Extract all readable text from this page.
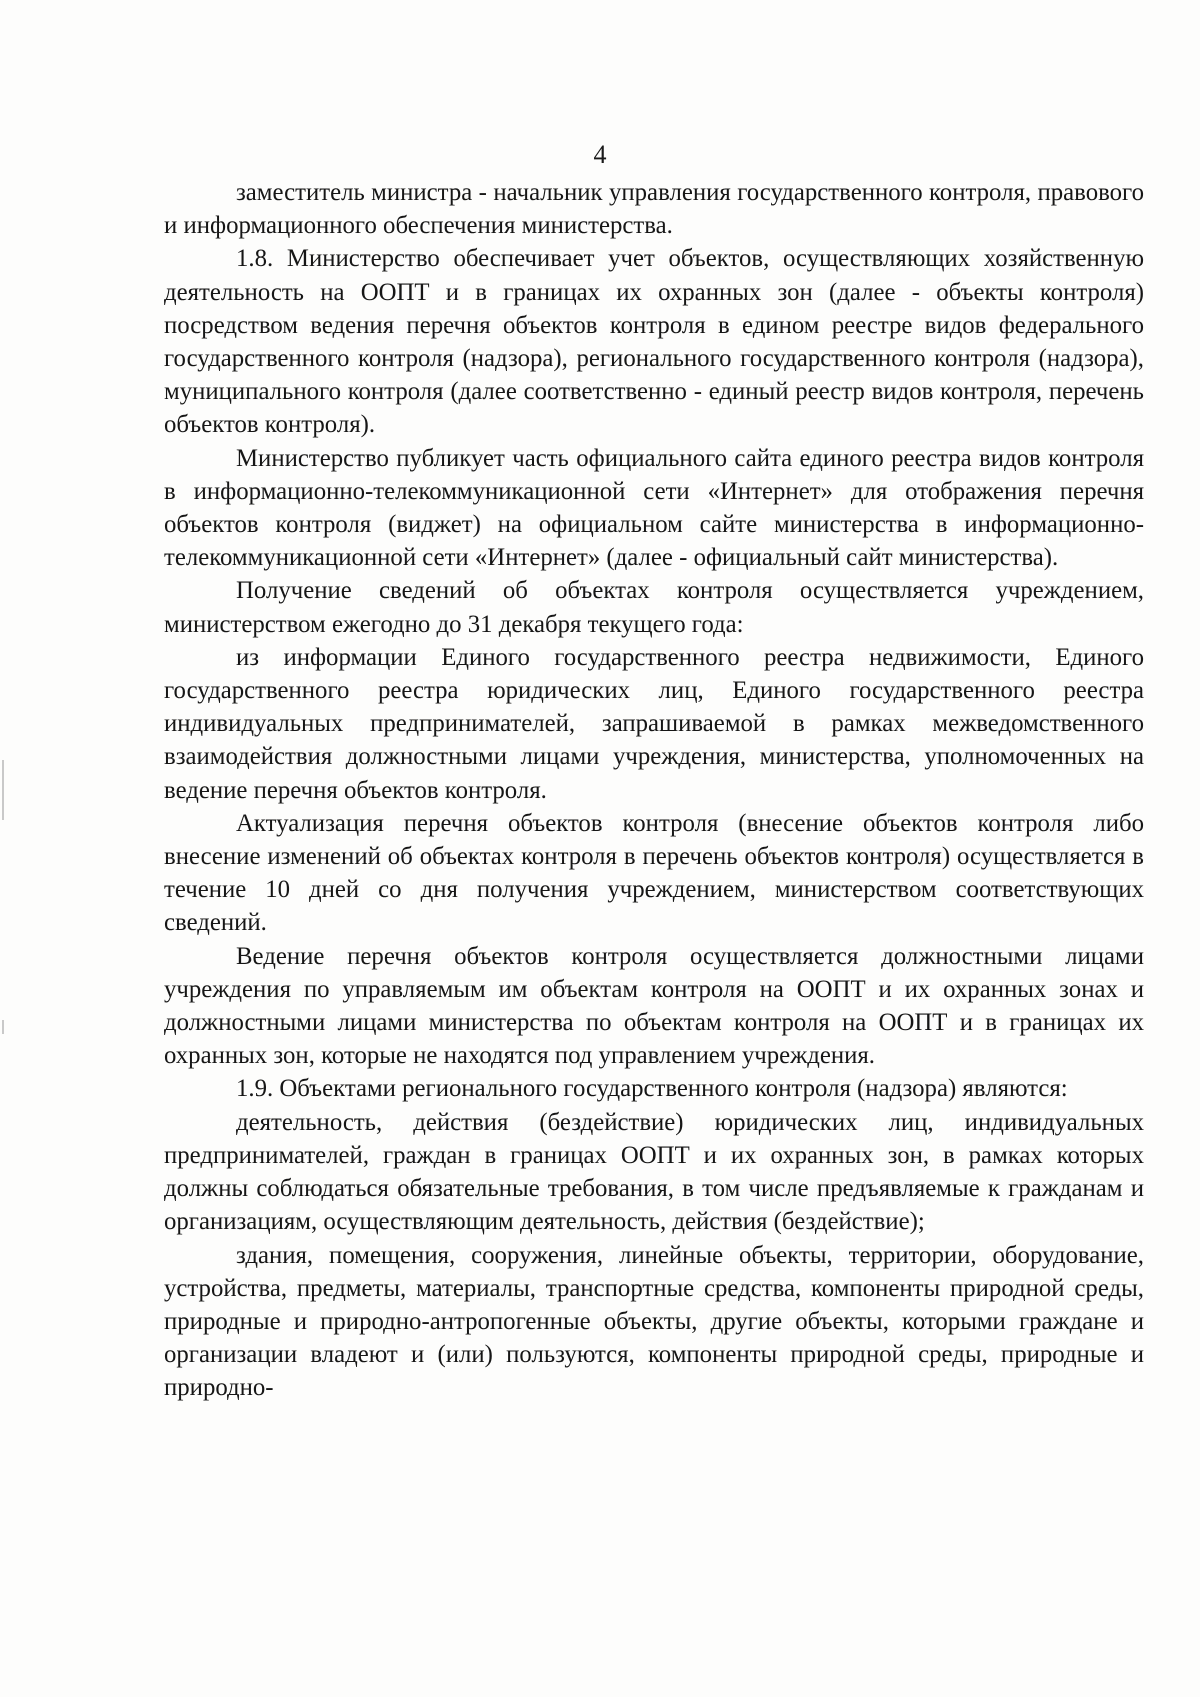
4

заместитель министра - начальник управления государственного контроля, правового и информационного обеспечения министерства.

1.8. Министерство обеспечивает учет объектов, осуществляющих хозяйственную деятельность на ООПТ и в границах их охранных зон (далее - объекты контроля) посредством ведения перечня объектов контроля в едином реестре видов федерального государственного контроля (надзора), регионального государственного контроля (надзора), муниципального контроля (далее соответственно - единый реестр видов контроля, перечень объектов контроля).

Министерство публикует часть официального сайта единого реестра видов контроля в информационно-телекоммуникационной сети «Интернет» для отображения перечня объектов контроля (виджет) на официальном сайте министерства в информационно-телекоммуникационной сети «Интернет» (далее - официальный сайт министерства).

Получение сведений об объектах контроля осуществляется учреждением, министерством ежегодно до 31 декабря текущего года:

из информации Единого государственного реестра недвижимости, Единого государственного реестра юридических лиц, Единого государственного реестра индивидуальных предпринимателей, запрашиваемой в рамках межведомственного взаимодействия должностными лицами учреждения, министерства, уполномоченных на ведение перечня объектов контроля.

Актуализация перечня объектов контроля (внесение объектов контроля либо внесение изменений об объектах контроля в перечень объектов контроля) осуществляется в течение 10 дней со дня получения учреждением, министерством соответствующих сведений.

Ведение перечня объектов контроля осуществляется должностными лицами учреждения по управляемым им объектам контроля на ООПТ и их охранных зонах и должностными лицами министерства по объектам контроля на ООПТ и в границах их охранных зон, которые не находятся под управлением учреждения.

1.9. Объектами регионального государственного контроля (надзора) являются:

деятельность, действия (бездействие) юридических лиц, индивидуальных предпринимателей, граждан в границах ООПТ и их охранных зон, в рамках которых должны соблюдаться обязательные требования, в том числе предъявляемые к гражданам и организациям, осуществляющим деятельность, действия (бездействие);

здания, помещения, сооружения, линейные объекты, территории, оборудование, устройства, предметы, материалы, транспортные средства, компоненты природной среды, природные и природно-антропогенные объекты, другие объекты, которыми граждане и организации владеют и (или) пользуются, компоненты природной среды, природные и природно-
